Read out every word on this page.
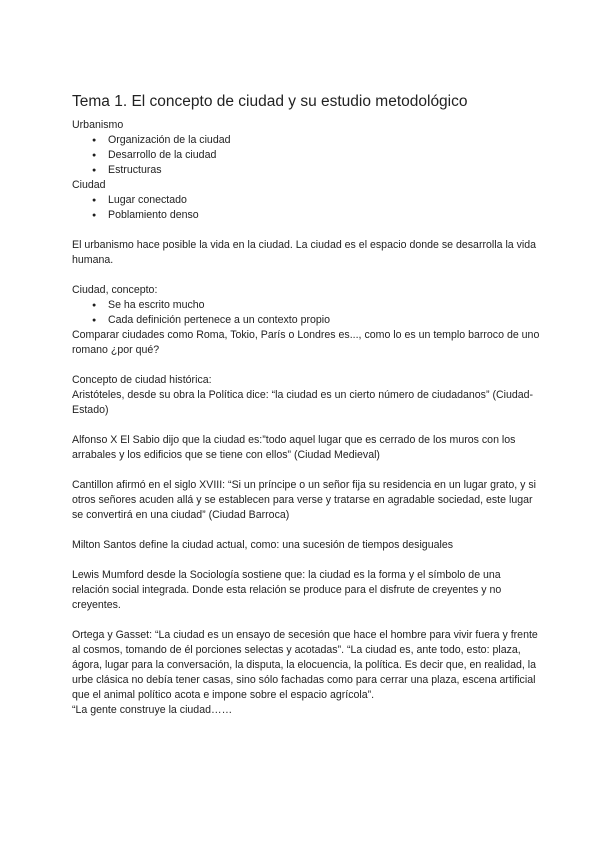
Tema 1. El concepto de ciudad y su estudio metodológico

Urbanismo

● Organización de la ciudad
● Desarrollo de la ciudad
● Estructuras

Ciudad

● Lugar conectado
● Poblamiento denso

El urbanismo hace posible la vida en la ciudad. La ciudad es el espacio donde se desarrolla la vida humana.

Ciudad, concepto:

● Se ha escrito mucho
● Cada definición pertenece a un contexto propio

Comparar ciudades como Roma, Tokio, París o Londres es..., como lo es un templo barroco de uno romano ¿por qué?

Concepto de ciudad histórica:

Aristóteles, desde su obra la Política dice: “la ciudad es un cierto número de ciudadanos” (Ciudad-Estado)

Alfonso X El Sabio dijo que la ciudad es:”todo aquel lugar que es cerrado de los muros con los arrabales y los edificios que se tiene con ellos” (Ciudad Medieval)

Cantillon afirmó en el siglo XVIII: “Si un príncipe o un señor fija su residencia en un lugar grato, y si otros señores acuden allá y se establecen para verse y tratarse en agradable sociedad, este lugar se convertirá en una ciudad” (Ciudad Barroca)

Milton Santos define la ciudad actual, como: una sucesión de tiempos desiguales

Lewis Mumford desde la Sociología sostiene que: la ciudad es la forma y el símbolo de una relación social integrada. Donde esta relación se produce para el disfrute de creyentes y no creyentes.

Ortega y Gasset: “La ciudad es un ensayo de secesión que hace el hombre para vivir fuera y frente al cosmos, tomando de él porciones selectas y acotadas”. “La ciudad es, ante todo, esto: plaza, ágora, lugar para la conversación, la disputa, la elocuencia, la política. Es decir que, en realidad, la urbe clásica no debía tener casas, sino sólo fachadas como para cerrar una plaza, escena artificial que el animal político acota e impone sobre el espacio agrícola”.

“La gente construye la ciudad……
